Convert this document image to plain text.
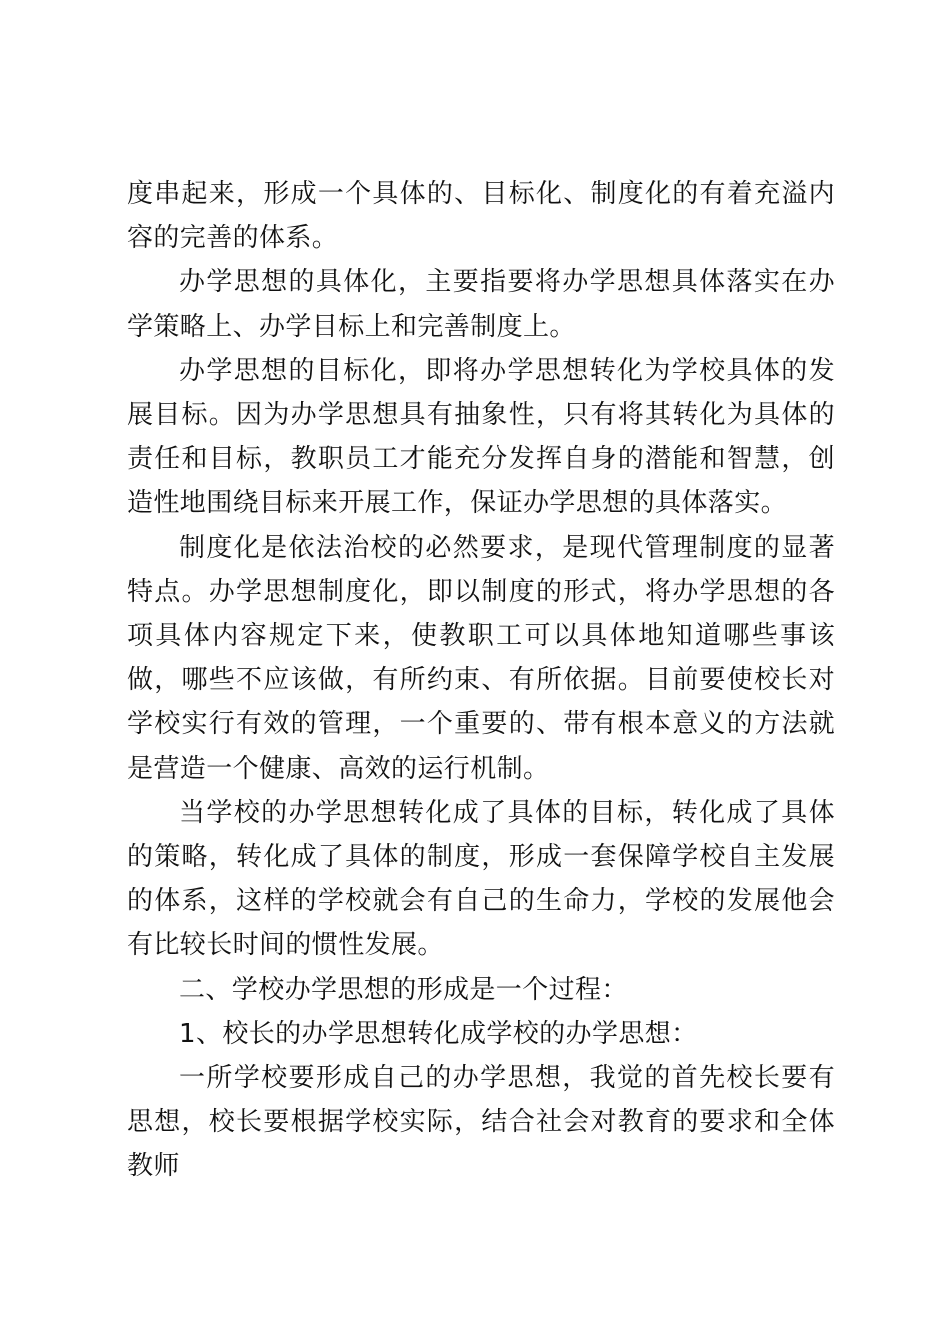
度串起来，形成一个具体的、目标化、制度化的有着充溢内容的完善的体系。

办学思想的具体化，主要指要将办学思想具体落实在办学策略上、办学目标上和完善制度上。

办学思想的目标化，即将办学思想转化为学校具体的发展目标。因为办学思想具有抽象性，只有将其转化为具体的责任和目标，教职员工才能充分发挥自身的潜能和智慧，创造性地围绕目标来开展工作，保证办学思想的具体落实。

制度化是依法治校的必然要求，是现代管理制度的显著特点。办学思想制度化，即以制度的形式，将办学思想的各项具体内容规定下来，使教职工可以具体地知道哪些事该做，哪些不应该做，有所约束、有所依据。目前要使校长对学校实行有效的管理，一个重要的、带有根本意义的方法就是营造一个健康、高效的运行机制。

当学校的办学思想转化成了具体的目标，转化成了具体的策略，转化成了具体的制度，形成一套保障学校自主发展的体系，这样的学校就会有自己的生命力，学校的发展他会有比较长时间的惯性发展。

二、学校办学思想的形成是一个过程：

1、校长的办学思想转化成学校的办学思想：

一所学校要形成自己的办学思想，我觉的首先校长要有思想，校长要根据学校实际，结合社会对教育的要求和全体教师
